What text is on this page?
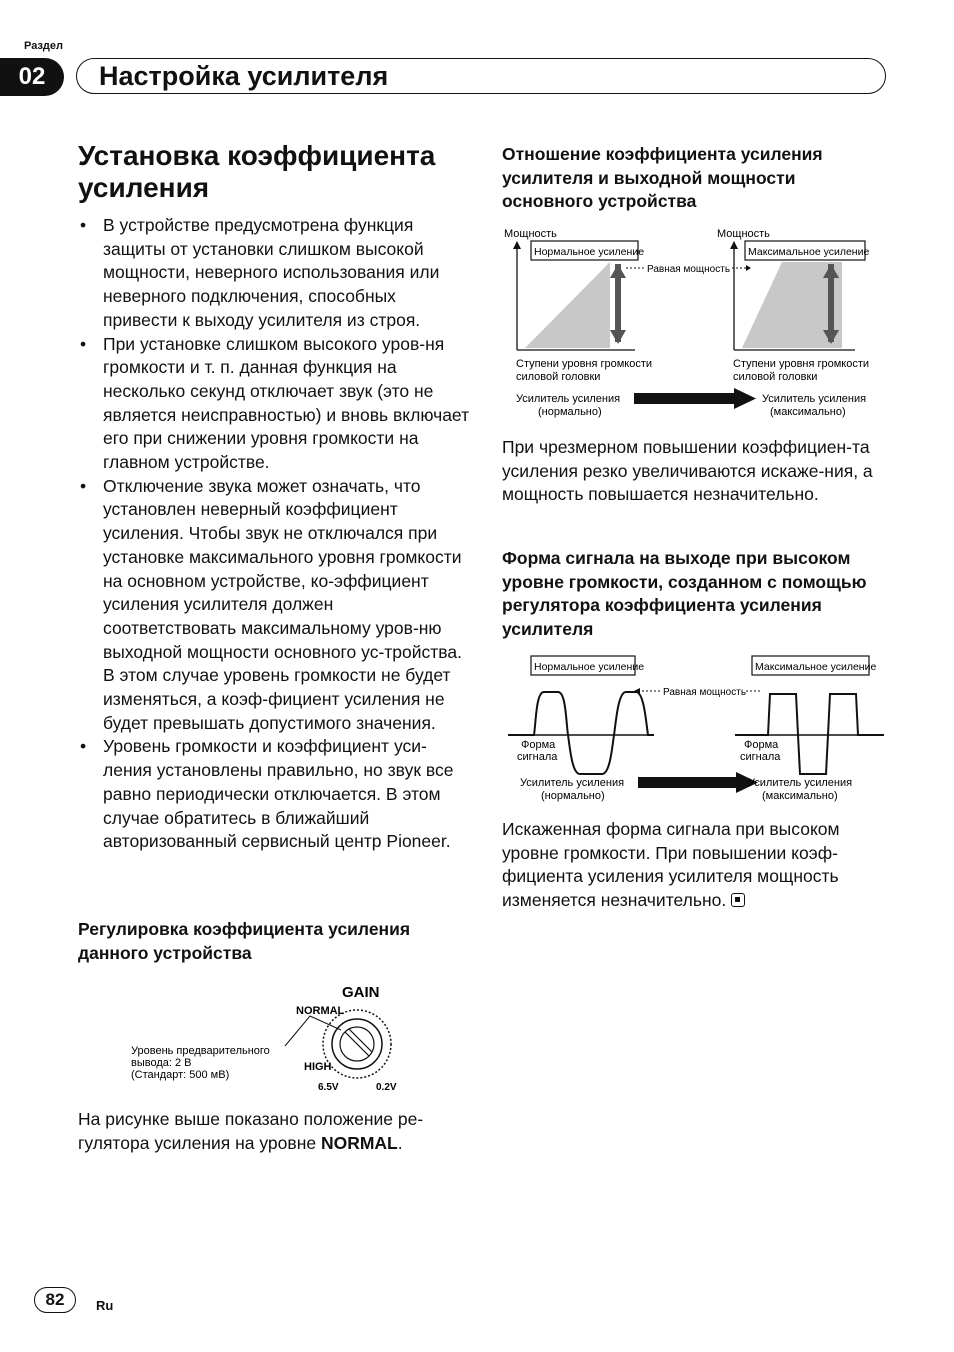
Раздел
02	Настройка усилителя
Установка коэффициента усиления
• В устройстве предусмотрена функция защиты от установки слишком высокой мощности, неверного использования или неверного подключения, способных привести к выходу усилителя из строя.
• При установке слишком высокого уров-ня громкости и т. п. данная функция на несколько секунд отключает звук (это не является неисправностью) и вновь включает его при снижении уровня громкости на главном устройстве.
• Отключение звука может означать, что установлен неверный коэффициент усиления. Чтобы звук не отключался при установке максимального уровня громкости на основном устройстве, ко-эффициент усиления усилителя должен соответствовать максимальному уров-ню выходной мощности основного ус-тройства. В этом случае уровень громкости не будет изменяться, а коэф-фициент усиления не будет превышать допустимого значения.
• Уровень громкости и коэффициент уси-ления установлены правильно, но звук все равно периодически отключается. В этом случае обратитесь в ближайший авторизованный сервисный центр Pioneer.
Регулировка коэффициента усиления данного устройства
GAIN
NORMAL
HIGH
6.5V	0.2V
Уровень предварительного
вывода: 2 В
(Стандарт: 500 мВ)
На рисунке выше показано положение ре-гулятора усиления на уровне NORMAL.
Отношение коэффициента усиления усилителя и выходной мощности основного устройства
Мощность
Нормальное усиление
Ступени уровня громкости
силовой головки
Равная мощность
Мощность
Максимальное усиление
Ступени уровня громкости
силовой головки
Усилитель усиления
(нормально)
Усилитель усиления
(максимально)
При чрезмерном повышении коэффициен-та усиления резко увеличиваются искаже-ния, а мощность повышается незначительно.
Форма сигнала на выходе при высоком уровне громкости, созданном с помощью регулятора коэффициента усиления усилителя
Нормальное усиление	Максимальное усиление
Равная мощность
Форма
сигнала
Форма
сигнала
Усилитель усиления
(нормально)
Усилитель усиления
(максимально)
Искаженная форма сигнала при высоком уровне громкости. При повышении коэф-фициента усиления усилителя мощность изменяется незначительно.
82	Ru
